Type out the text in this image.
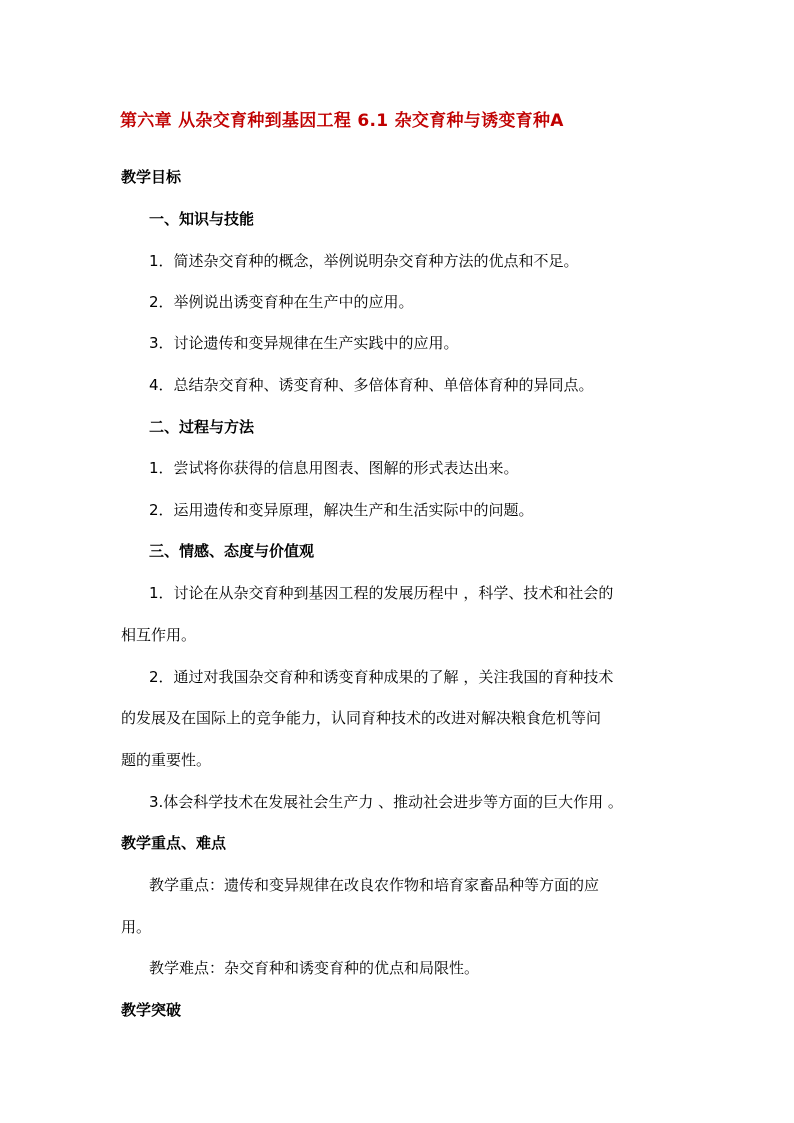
第六章 从杂交育种到基因工程 6.1 杂交育种与诱变育种A
教学目标
一、知识与技能
1．简述杂交育种的概念，举例说明杂交育种方法的优点和不足。
2．举例说出诱变育种在生产中的应用。
3．讨论遗传和变异规律在生产实践中的应用。
4．总结杂交育种、诱变育种、多倍体育种、单倍体育种的异同点。
二、过程与方法
1．尝试将你获得的信息用图表、图解的形式表达出来。
2．运用遗传和变异原理，解决生产和生活实际中的问题。
三、情感、态度与价值观
1．讨论在从杂交育种到基因工程的发展历程中 ，科学、技术和社会的
相互作用。
2．通过对我国杂交育种和诱变育种成果的了解 ，关注我国的育种技术
的发展及在国际上的竞争能力，认同育种技术的改进对解决粮食危机等问
题的重要性。
3.体会科学技术在发展社会生产力 、推动社会进步等方面的巨大作用 。
教学重点、难点
教学重点：遗传和变异规律在改良农作物和培育家畜品种等方面的应
用。
教学难点：杂交育种和诱变育种的优点和局限性。
教学突破
